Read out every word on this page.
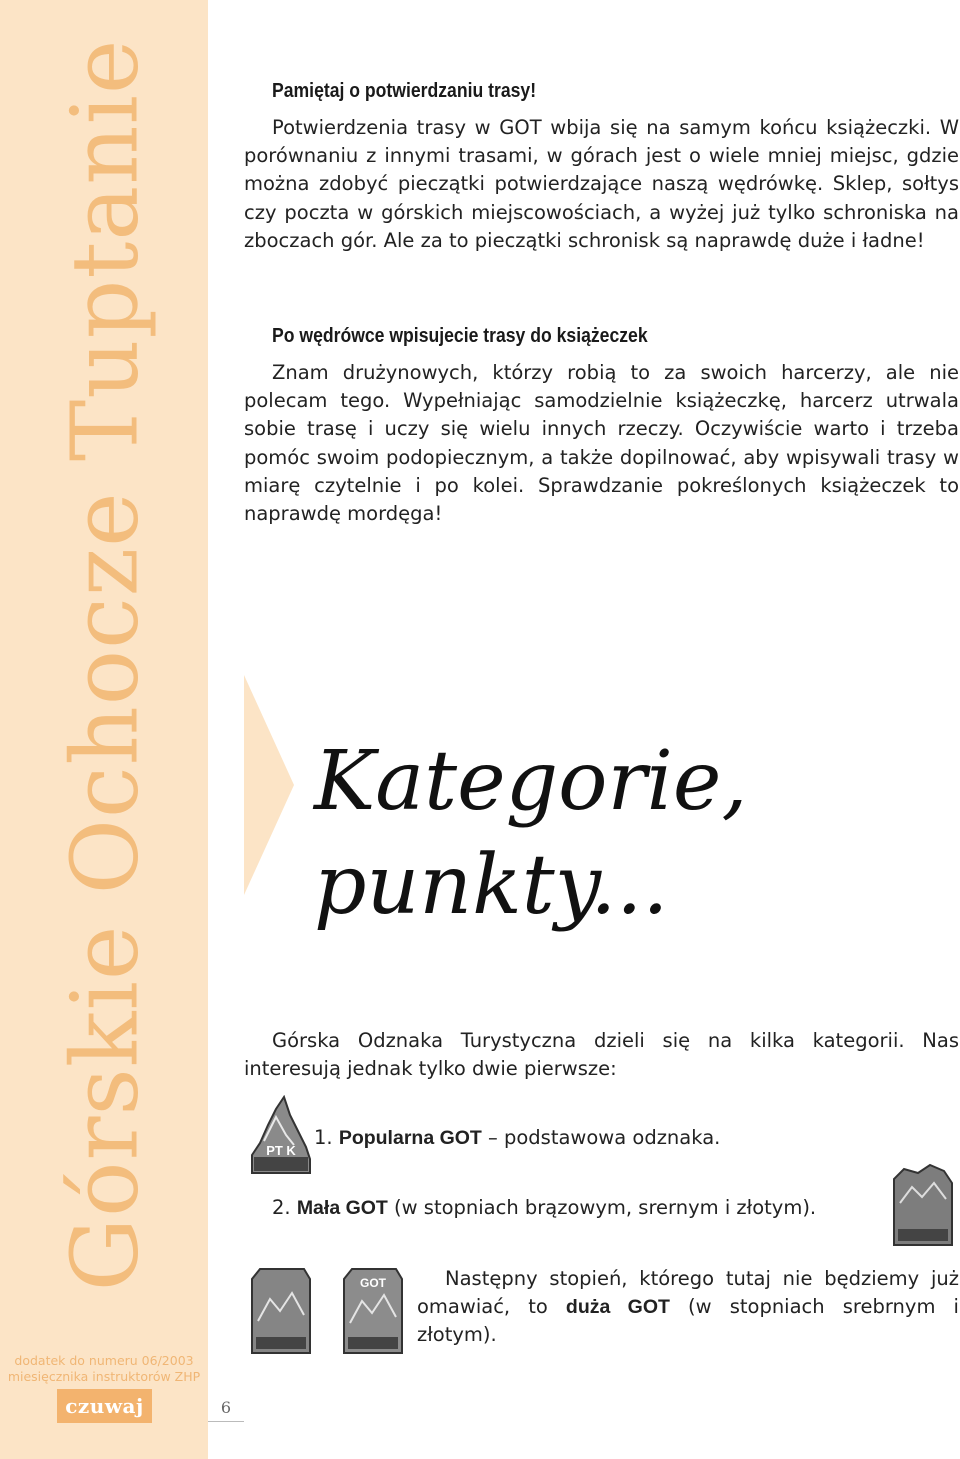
Górskie Ochocze Tuptanie
dodatek do numeru 06/2003
miesięcznika instruktorów ZHP
czuwaj	6
Pamiętaj o potwierdzaniu trasy!

Potwierdzenia trasy w GOT wbija się na samym końcu książeczki. W porównaniu z innymi trasami, w górach jest o wiele mniej miejsc, gdzie można zdobyć pieczątki potwierdzające naszą wędrówkę. Sklep, sołtys czy poczta w górskich miejscowościach, a wyżej już tylko schroniska na zboczach gór. Ale za to pieczątki schronisk są naprawdę duże i ładne!

Po wędrówce wpisujecie trasy do książeczek

Znam drużynowych, którzy robią to za swoich harcerzy, ale nie polecam tego. Wypełniając samodzielnie książeczkę, harcerz utrwala sobie trasę i uczy się wielu innych rzeczy. Oczywiście warto i trzeba pomóc swoim podopiecznym, a także dopilnować, aby wpisywali trasy w miarę czytelnie i po kolei. Sprawdzanie pokreślonych książeczek to naprawdę mordęga!

Kategorie,
punkty...

Górska Odznaka Turystyczna dzieli się na kilka kategorii. Nas interesują jednak tylko dwie pierwsze:

PT K
1. Popularna GOT – podstawowa odznaka.
2. Mała GOT (w stopniach brązowym, srernym i złotym).
GOT	Następny stopień, którego tutaj nie będziemy już omawiać, to duża GOT (w stopniach srebrnym i złotym).
